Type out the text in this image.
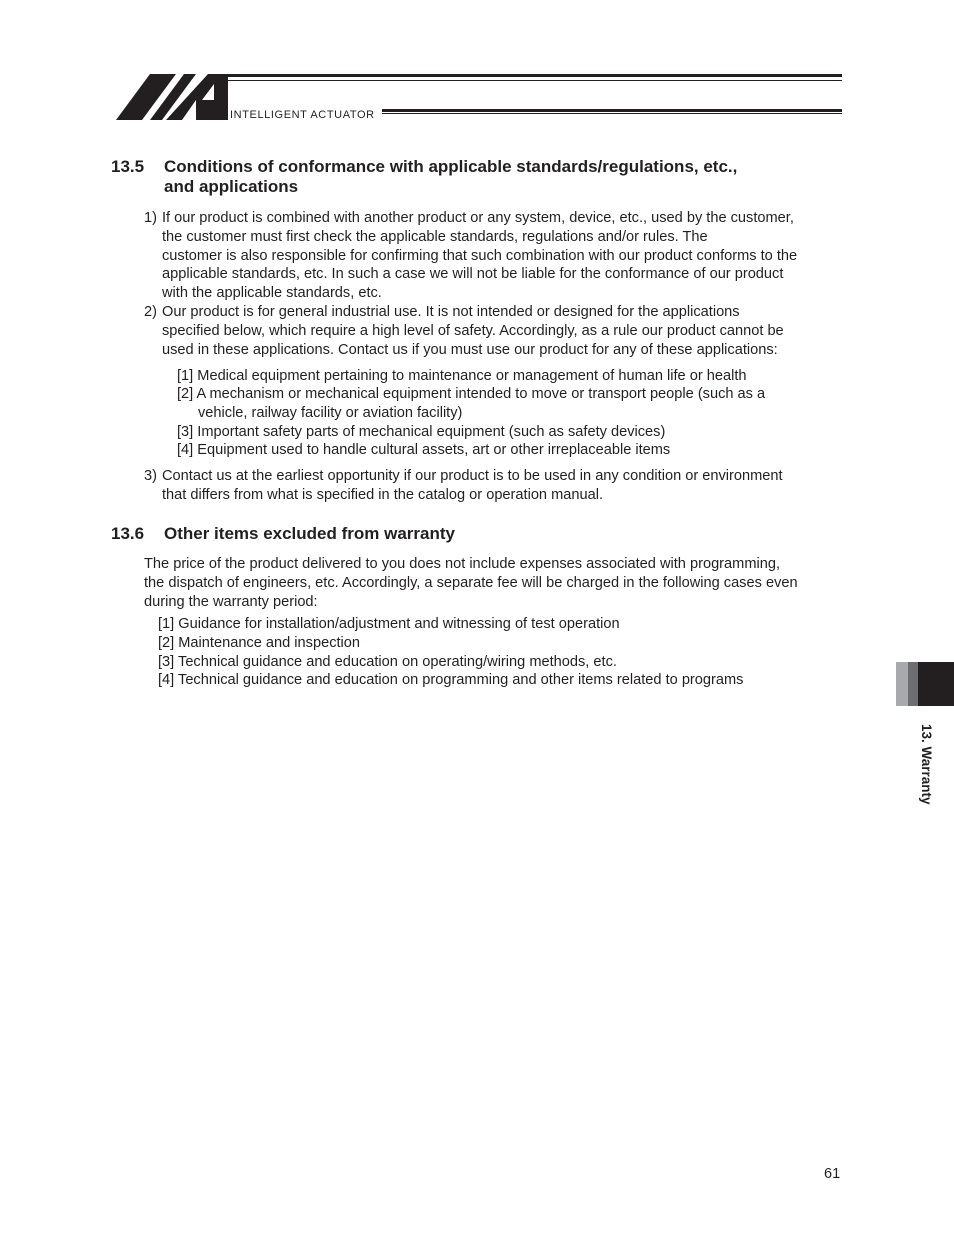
INTELLIGENT ACTUATOR
13.5 Conditions of conformance with applicable standards/regulations, etc.,
and applications
1) If our product is combined with another product or any system, device, etc., used by the customer,
the customer must first check the applicable standards, regulations and/or rules. The
customer is also responsible for confirming that such combination with our product conforms to the
applicable standards, etc. In such a case we will not be liable for the conformance of our product
with the applicable standards, etc.
2) Our product is for general industrial use. It is not intended or designed for the applications
specified below, which require a high level of safety. Accordingly, as a rule our product cannot be
used in these applications. Contact us if you must use our product for any of these applications:
[1] Medical equipment pertaining to maintenance or management of human life or health
[2] A mechanism or mechanical equipment intended to move or transport people (such as a
vehicle, railway facility or aviation facility)
[3] Important safety parts of mechanical equipment (such as safety devices)
[4] Equipment used to handle cultural assets, art or other irreplaceable items
3) Contact us at the earliest opportunity if our product is to be used in any condition or environment
that differs from what is specified in the catalog or operation manual.
13.6 Other items excluded from warranty
The price of the product delivered to you does not include expenses associated with programming,
the dispatch of engineers, etc. Accordingly, a separate fee will be charged in the following cases even
during the warranty period:
[1] Guidance for installation/adjustment and witnessing of test operation
[2] Maintenance and inspection
[3] Technical guidance and education on operating/wiring methods, etc.
[4] Technical guidance and education on programming and other items related to programs
13. Warranty
61
